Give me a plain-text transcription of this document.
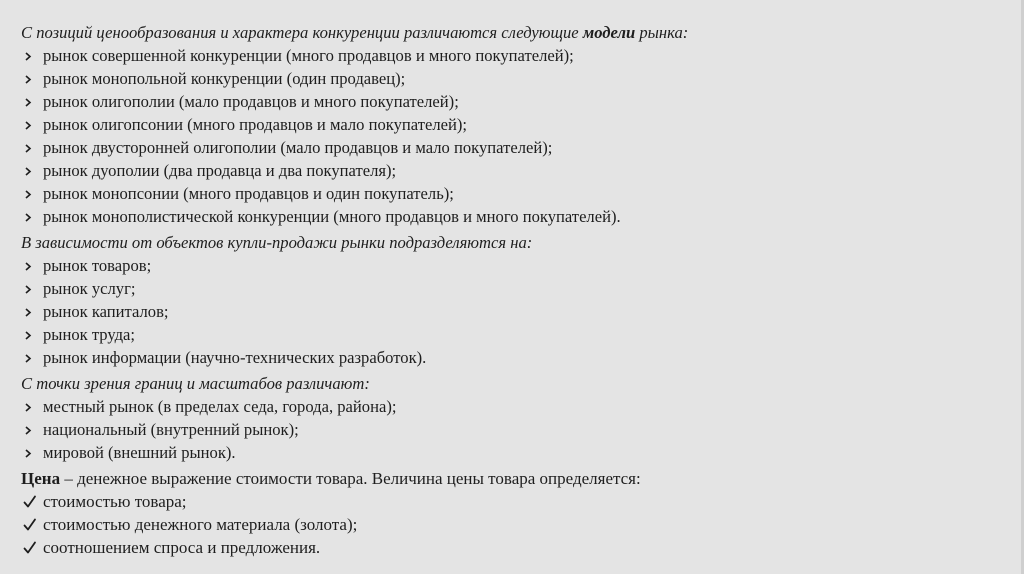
С позиций ценообразования и характера конкуренции различаются следующие модели рынка:
рынок совершенной конкуренции (много продавцов и много покупателей);
рынок монопольной конкуренции (один продавец);
рынок олигополии (мало продавцов и много покупателей);
рынок олигопсонии (много продавцов и мало покупателей);
рынок двусторонней олигополии (мало продавцов и мало покупателей);
рынок дуополии (два продавца и два покупателя);
рынок монопсонии (много продавцов и один покупатель);
рынок монополистической конкуренции (много продавцов и много покупателей).
В зависимости от объектов купли-продажи рынки подразделяются на:
рынок товаров;
рынок услуг;
рынок капиталов;
рынок труда;
рынок информации (научно-технических разработок).
С точки зрения границ и масштабов различают:
местный рынок (в пределах седа, города, района);
национальный (внутренний рынок);
мировой (внешний рынок).
Цена – денежное выражение стоимости товара. Величина цены товара определяется:
стоимостью товара;
стоимостью денежного материала (золота);
соотношением спроса и предложения.
